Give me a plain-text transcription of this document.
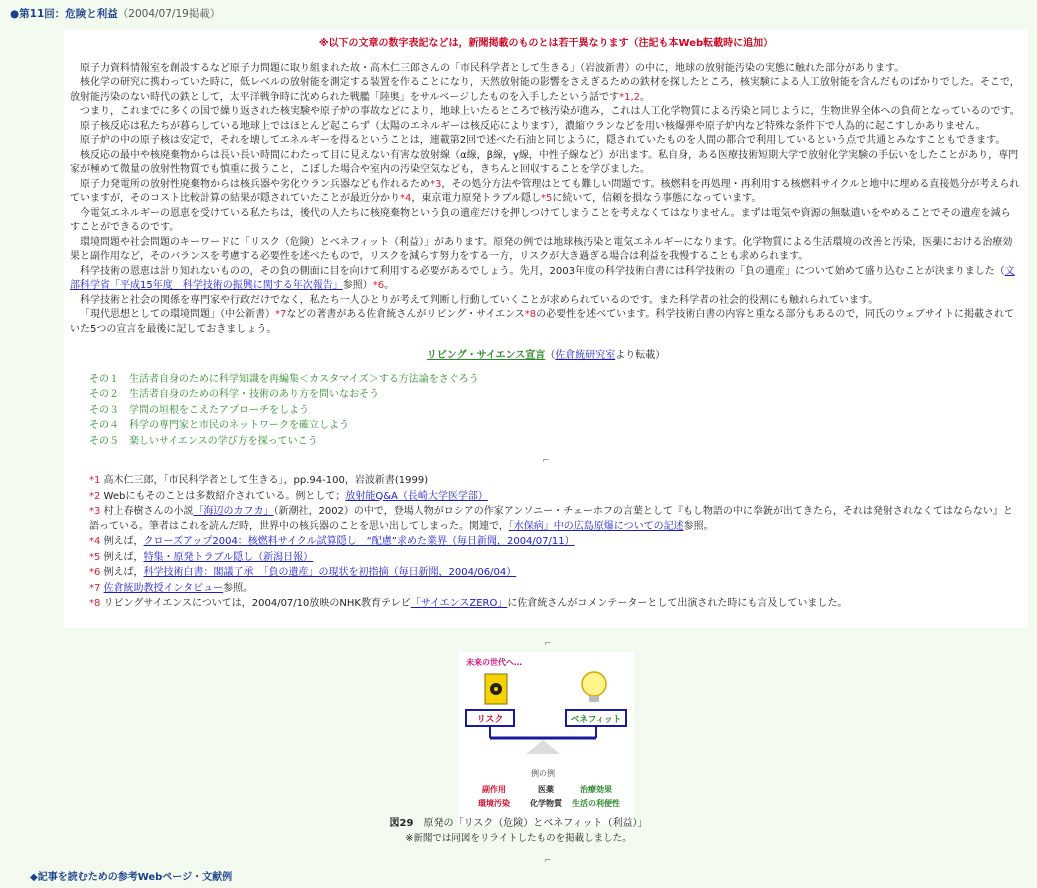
●第11回：危険と利益（2004/07/19掲載）
※以下の文章の数字表記などは，新聞掲載のものとは若干異なります（注記も本Web転載時に追加）

原子力資料情報室を創設するなど原子力問題に取り組まれた故・高木仁三郎さんの「市民科学者として生きる」（岩波新書）の中に，地球の放射能汚染の実態に触れた部分があります。

核化学の研究に携わっていた時に，低レベルの放射能を測定する装置を作ることになり，天然放射能の影響をさえぎるための鉄材を探したところ，核実験による人工放射能を含んだものばかりでした。そこで，放射能汚染のない時代の鉄として，太平洋戦争時に沈められた戦艦「陸奥」をサルベージしたものを入手したという話です*1,2。

つまり，これまでに多くの国で繰り返された核実験や原子炉の事故などにより，地球上いたるところで核汚染が進み，これは人工化学物質による汚染と同じように，生物世界全体への負荷となっているのです。

原子核反応は私たちが暮らしている地球上ではほとんど起こらず（太陽のエネルギーは核反応によります），濃縮ウランなどを用い核爆弾や原子炉内など特殊な条件下で人為的に起こすしかありません。

原子炉の中の原子核は安定で，それを壊してエネルギーを得るということは，連載第2回で述べた石油と同じように，隠されていたものを人間の都合で利用しているという点で共通とみなすこともできます。

核反応の最中や核廃棄物からは長い長い時間にわたって目に見えない有害な放射線（α線，β線，γ線，中性子線など）が出ます。私自身，ある医療技術短期大学で放射化学実験の手伝いをしたことがあり，専門家が極めて微量の放射性物質でも慎重に扱うこと，こぼした場合や室内の汚染空気なども，きちんと回収することを学びました。

原子力発電所の放射性廃棄物からは核兵器や劣化ウラン兵器なども作れるため*3，その処分方法や管理はとても難しい問題です。核燃料を再処理・再利用する核燃料サイクルと地中に埋める直接処分が考えられていますが，そのコスト比較計算の結果が隠されていたことが最近分かり*4，東京電力原発トラブル隠し*5に続いて，信頼を損なう事態になっています。

今電気エネルギーの恩恵を受けている私たちは，後代の人たちに核廃棄物という負の遺産だけを押しつけてしまうことを考えなくてはなりません。まずは電気や資源の無駄遣いをやめることでその遺産を減らすことができるのです。

環境問題や社会問題のキーワードに「リスク（危険）とベネフィット（利益）」があります。原発の例では地球核汚染と電気エネルギーになります。化学物質による生活環境の改善と汚染，医薬における治療効果と副作用など，そのバランスを考慮する必要性を述べたもので，リスクを減らす努力をする一方，リスクが大き過ぎる場合は利益を我慢することも求められます。

科学技術の恩恵は計り知れないものの，その負の側面に目を向けて利用する必要があるでしょう。先月，2003年度の科学技術白書には科学技術の「負の遺産」について始めて盛り込むことが決まりました（文部科学省「平成15年度　科学技術の振興に関する年次報告」参照）*6。

科学技術と社会の関係を専門家や行政だけでなく，私たち一人ひとりが考えて判断し行動していくことが求められているのです。また科学者の社会的役割にも触れられています。

「現代思想としての環境問題」（中公新書）*7などの著書がある佐倉統さんがリビング・サイエンス*8の必要性を述べています。科学技術白書の内容と重なる部分もあるので，同氏のウェブサイトに掲載されていた5つの宣言を最後に記しておきましょう。

リビング・サイエンス宣言（佐倉統研究室より転載）
その１　生活者自身のために科学知識を再編集＜カスタマイズ＞する方法論をさぐろう
その２　生活者自身のための科学・技術のあり方を問いなおそう
その３　学問の垣根をこえたアプローチをしよう
その４　科学の専門家と市民のネットワークを確立しよう
その５　楽しいサイエンスの学び方を探っていこう
⌐
*1 高木仁三郎，「市民科学者として生きる」，pp.94-100，岩波新書(1999)
*2 Webにもそのことは多数紹介されている。例として；放射能Q&A（長崎大学医学部）
*3 村上春樹さんの小説「海辺のカフカ」（新潮社，2002）の中で，登場人物がロシアの作家アンソニー・チェーホフの言葉として『もし物語の中に拳銃が出てきたら，それは発射されなくてはならない』と語っている。筆者はこれを読んだ時，世界中の核兵器のことを思い出してしまった。関連で，「水保病」中の広島原爆についての記述参照。
*4 例えば，クローズアップ2004：核燃料サイクル試算隠し　“配慮”求めた業界（毎日新聞，2004/07/11）
*5 例えば，特集・原発トラブル隠し（新潟日報）
*6 例えば，科学技術白書：閣議了承　「負の遺産」の現状を初指摘（毎日新聞，2004/06/04）
*7 佐倉統助教授インタビュー参照。
*8 リビングサイエンスについては，2004/07/10放映のNHK教育テレビ「サイエンスZERO」に佐倉統さんがコメンテーターとして出演された時にも言及していました。
⌐
未来の世代へ…
リスク	ベネフィット
例の例
副作用	医薬	治療効果
環境汚染	化学物質 生活の利便性
図29　原発の「リスク（危険）とベネフィット（利益）」
※新聞では同図をリライトしたものを掲載しました。
⌐
◆記事を読むための参考Webページ・文献例
